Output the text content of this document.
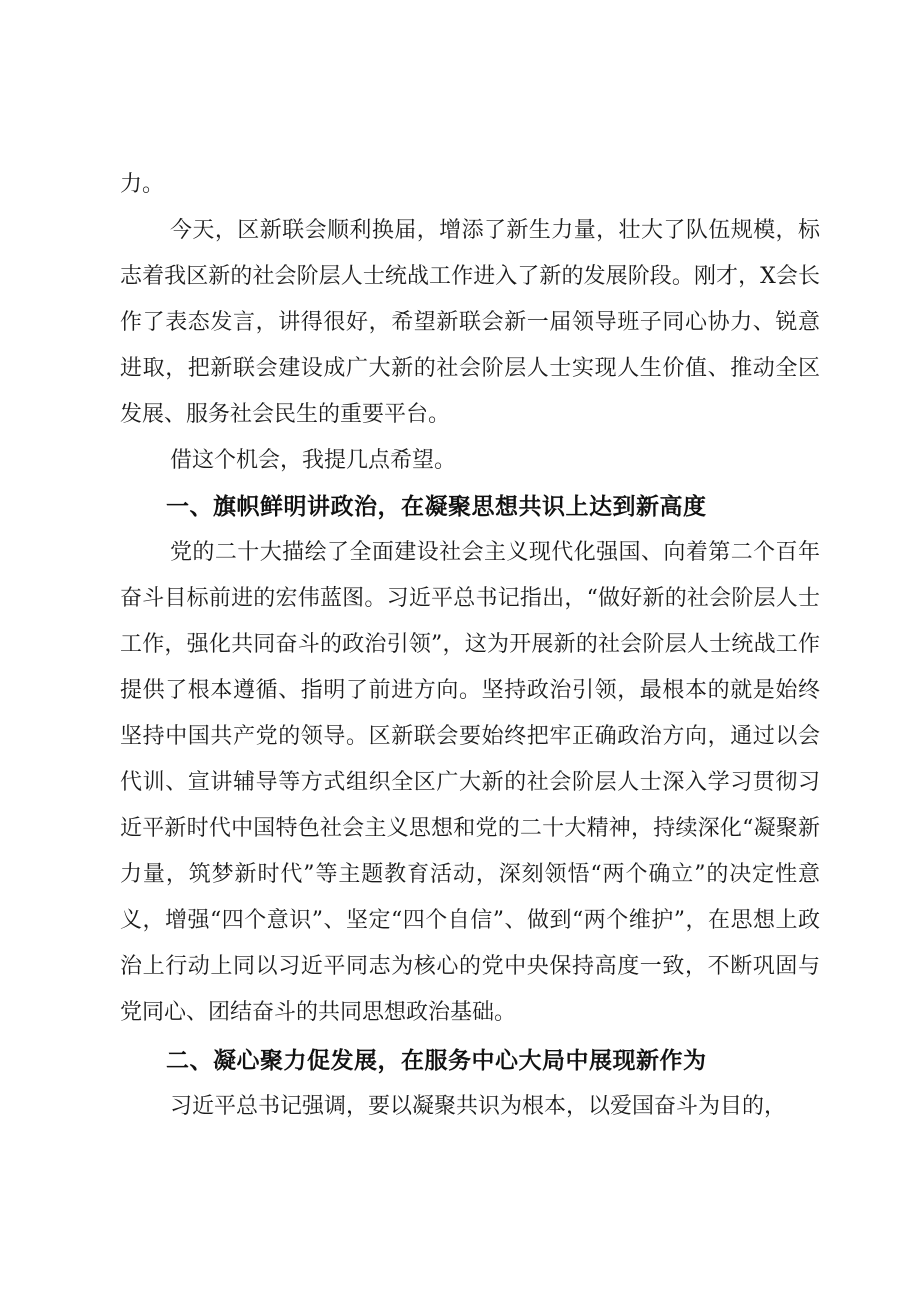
力。

今天，区新联会顺利换届，增添了新生力量，壮大了队伍规模，标志着我区新的社会阶层人士统战工作进入了新的发展阶段。刚才，X会长作了表态发言，讲得很好，希望新联会新一届领导班子同心协力、锐意进取，把新联会建设成广大新的社会阶层人士实现人生价值、推动全区发展、服务社会民生的重要平台。

借这个机会，我提几点希望。

一、旗帜鲜明讲政治，在凝聚思想共识上达到新高度

党的二十大描绘了全面建设社会主义现代化强国、向着第二个百年奋斗目标前进的宏伟蓝图。习近平总书记指出，“做好新的社会阶层人士工作，强化共同奋斗的政治引领”，这为开展新的社会阶层人士统战工作提供了根本遵循、指明了前进方向。坚持政治引领，最根本的就是始终坚持中国共产党的领导。区新联会要始终把牢正确政治方向，通过以会代训、宣讲辅导等方式组织全区广大新的社会阶层人士深入学习贯彻习近平新时代中国特色社会主义思想和党的二十大精神，持续深化“凝聚新力量，筑梦新时代”等主题教育活动，深刻领悟“两个确立”的决定性意义，增强“四个意识”、坚定“四个自信”、做到“两个维护”，在思想上政治上行动上同以习近平同志为核心的党中央保持高度一致，不断巩固与党同心、团结奋斗的共同思想政治基础。

二、凝心聚力促发展，在服务中心大局中展现新作为

习近平总书记强调，要以凝聚共识为根本，以爱国奋斗为目的，
